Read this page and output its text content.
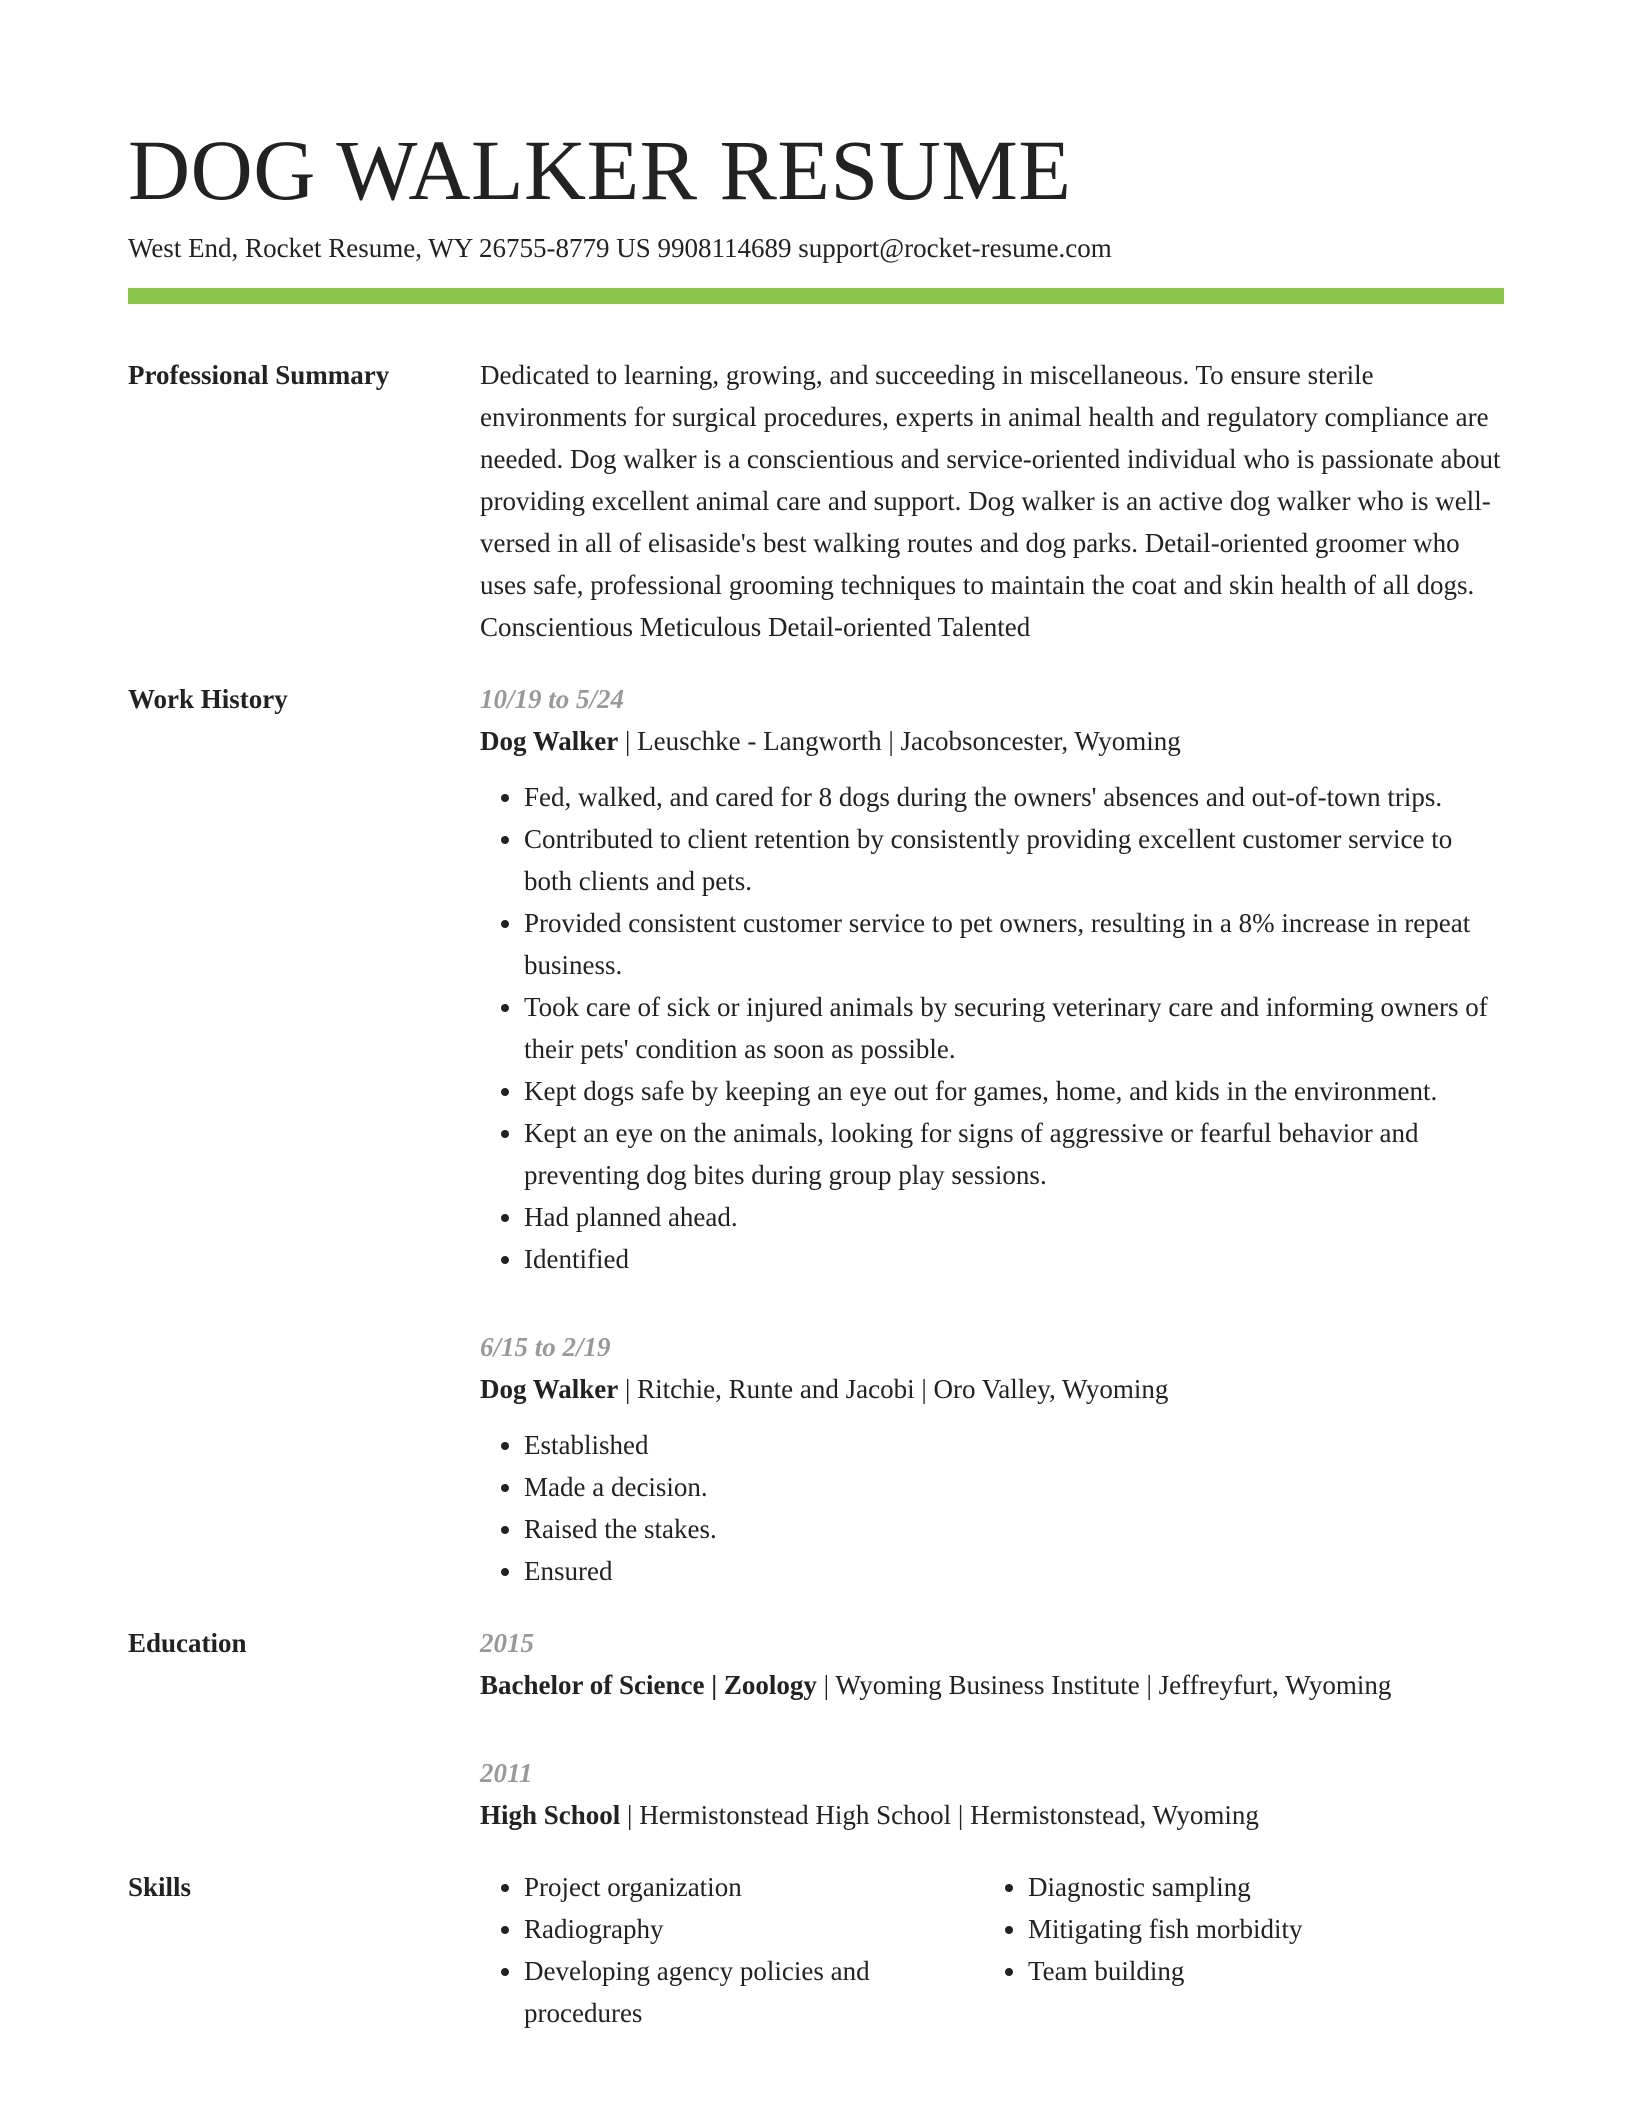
DOG WALKER RESUME
West End, Rocket Resume, WY 26755-8779 US 9908114689 support@rocket-resume.com
Professional Summary	Dedicated to learning, growing, and succeeding in miscellaneous. To ensure sterile environments for surgical procedures, experts in animal health and regulatory compliance are needed. Dog walker is a conscientious and service-oriented individual who is passionate about providing excellent animal care and support. Dog walker is an active dog walker who is well-versed in all of elisaside's best walking routes and dog parks. Detail-oriented groomer who uses safe, professional grooming techniques to maintain the coat and skin health of all dogs. Conscientious Meticulous Detail-oriented Talented

Work History	10/19 to 5/24
Dog Walker | Leuschke - Langworth | Jacobsoncester, Wyoming
• Fed, walked, and cared for 8 dogs during the owners' absences and out-of-town trips.
• Contributed to client retention by consistently providing excellent customer service to both clients and pets.
• Provided consistent customer service to pet owners, resulting in a 8% increase in repeat business.
• Took care of sick or injured animals by securing veterinary care and informing owners of their pets' condition as soon as possible.
• Kept dogs safe by keeping an eye out for games, home, and kids in the environment.
• Kept an eye on the animals, looking for signs of aggressive or fearful behavior and preventing dog bites during group play sessions.
• Had planned ahead.
• Identified
6/15 to 2/19
Dog Walker | Ritchie, Runte and Jacobi | Oro Valley, Wyoming
• Established
• Made a decision.
• Raised the stakes.
• Ensured
Education	2015
Bachelor of Science | Zoology | Wyoming Business Institute | Jeffreyfurt, Wyoming
2011
High School | Hermistonstead High School | Hermistonstead, Wyoming
Skills
•	Project organization
• Radiography
• Developing agency policies and procedures
• Diagnostic sampling
• Mitigating fish morbidity
• Team building
